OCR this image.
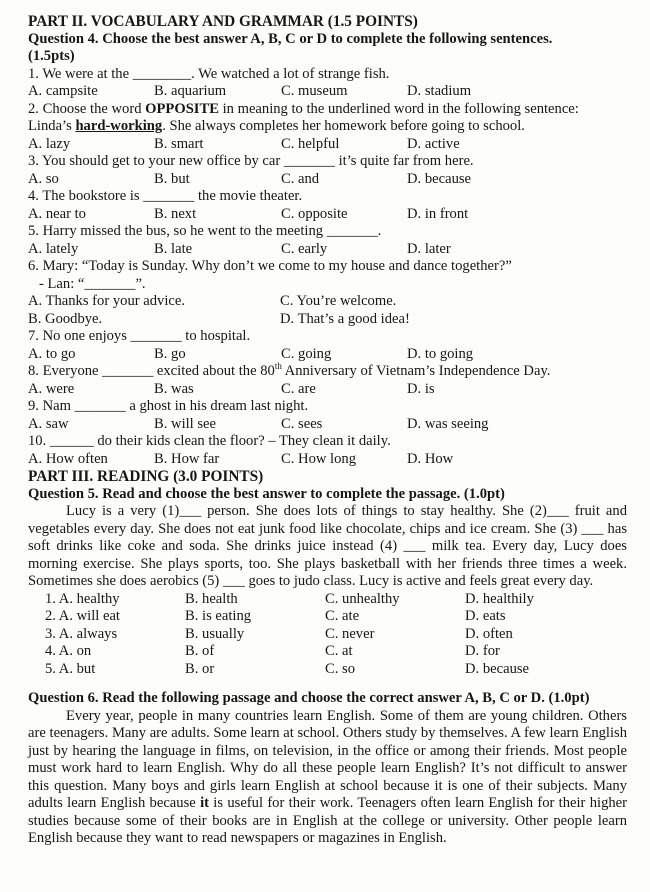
PART II. VOCABULARY AND GRAMMAR (1.5 POINTS)
Question 4. Choose the best answer A, B, C or D to complete the following sentences.
(1.5pts)
1. We were at the ________. We watched a lot of strange fish.
A. campsite	B. aquarium	C. museum	D. stadium
2. Choose the word OPPOSITE in meaning to the underlined word in the following sentence:
Linda’s hard-working. She always completes her homework before going to school.
A. lazy	B. smart	C. helpful	D. active
3. You should get to your new office by car _______ it’s quite far from here.
A. so	B. but	C. and	D. because
4. The bookstore is _______ the movie theater.
A. near to	B. next	C. opposite	D. in front
5. Harry missed the bus, so he went to the meeting _______.
A. lately	B. late	C. early	D. later
6. Mary: “Today is Sunday. Why don’t we come to my house and dance together?”
- Lan: “_______”.
A. Thanks for your advice.	C. You’re welcome.
B. Goodbye.	D. That’s a good idea!
7. No one enjoys _______ to hospital.
A. to go	B. go	C. going	D. to going
8. Everyone _______ excited about the 80th Anniversary of Vietnam’s Independence Day.
A. were	B. was	C. are	D. is
9. Nam _______ a ghost in his dream last night.
A. saw	B. will see	C. sees	D. was seeing
10. ______ do their kids clean the floor? – They clean it daily.
A. How often	B. How far	C. How long	D. How
PART III. READING (3.0 POINTS)
Question 5. Read and choose the best answer to complete the passage. (1.0pt)

Lucy is a very (1)___ person. She does lots of things to stay healthy. She (2)___ fruit and vegetables every day. She does not eat junk food like chocolate, chips and ice cream. She (3) ___ has soft drinks like coke and soda. She drinks juice instead (4) ___ milk tea. Every day, Lucy does morning exercise. She plays sports, too. She plays basketball with her friends three times a week. Sometimes she does aerobics (5) ___ goes to judo class. Lucy is active and feels great every day.

1. A. healthy	B. health	C. unhealthy	D. healthily
2. A. will eat	B. is eating	C. ate	D. eats
3. A. always	B. usually	C. never	D. often
4. A. on	B. of	C. at	D. for
5. A. but	B. or	C. so	D. because
Question 6. Read the following passage and choose the correct answer A, B, C or D. (1.0pt)

Every year, people in many countries learn English. Some of them are young children. Others are teenagers. Many are adults. Some learn at school. Others study by themselves. A few learn English just by hearing the language in films, on television, in the office or among their friends. Most people must work hard to learn English. Why do all these people learn English? It’s not difficult to answer this question. Many boys and girls learn English at school because it is one of their subjects. Many adults learn English because it is useful for their work. Teenagers often learn English for their higher studies because some of their books are in English at the college or university. Other people learn English because they want to read newspapers or magazines in English.
